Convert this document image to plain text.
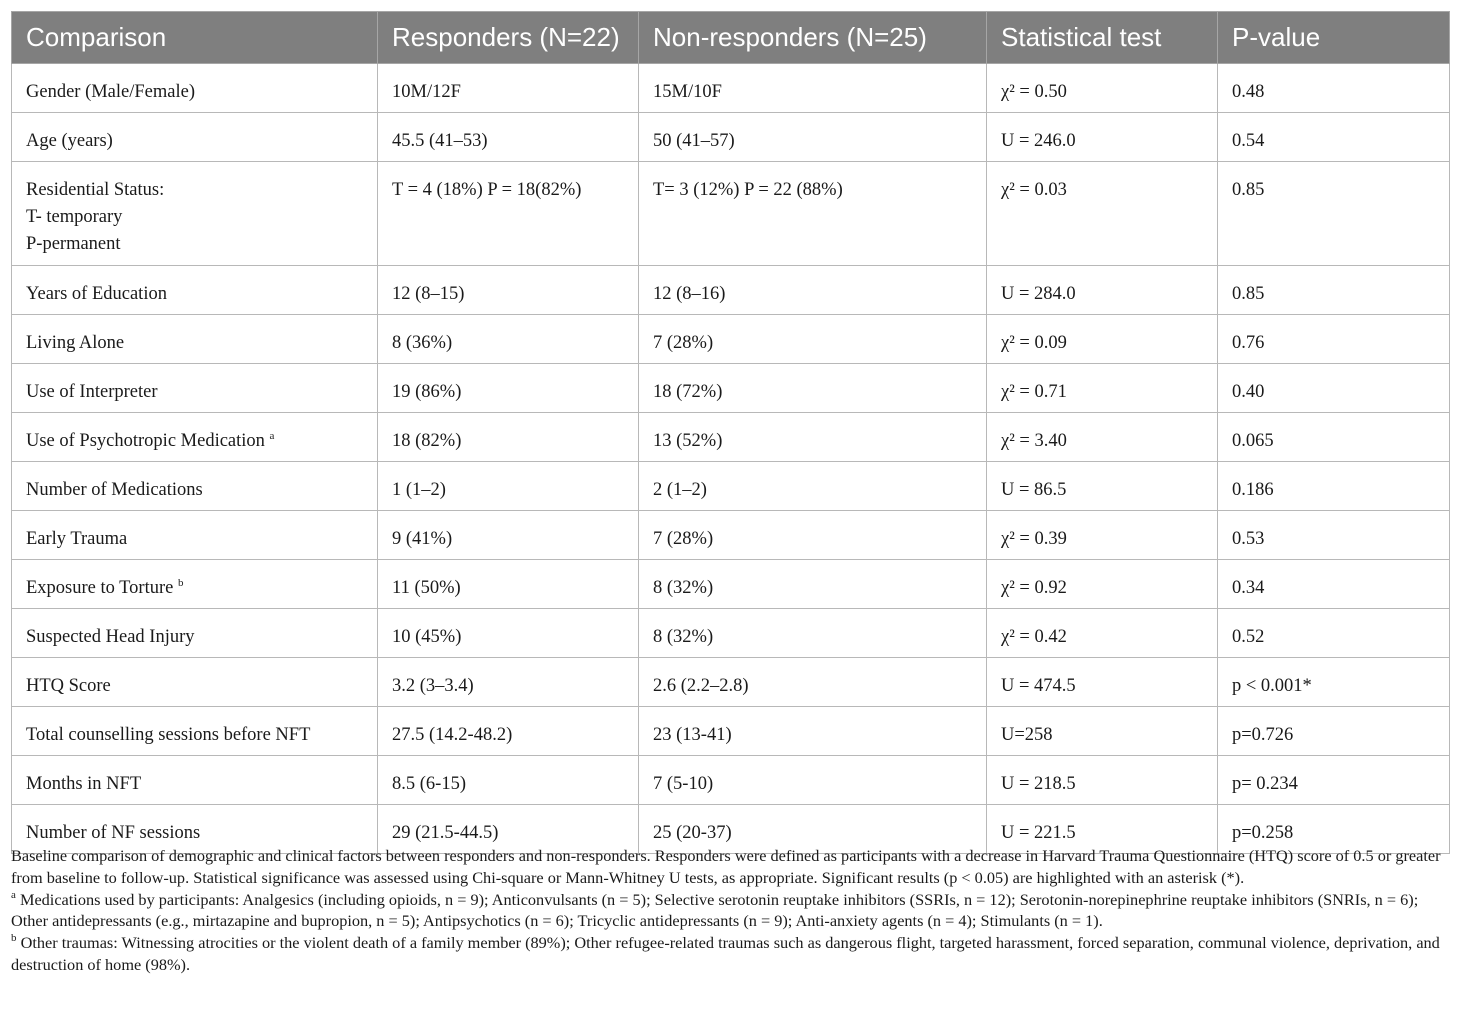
Comparison	Responders (N=22)	Non-responders (N=25)	Statistical test	P-value
Gender (Male/Female)	10M/12F	15M/10F	χ² = 0.50	0.48
Age (years)	45.5 (41–53)	50 (41–57)	U = 246.0	0.54

Residential Status:
T- temporary
P-permanent	T = 4 (18%) P = 18(82%)	T= 3 (12%) P = 22 (88%)	χ² = 0.03	0.85
Years of Education	12 (8–15)	12 (8–16)	U = 284.0	0.85
Living Alone	8 (36%)	7 (28%)	χ² = 0.09	0.76
Use of Interpreter	19 (86%)	18 (72%)	χ² = 0.71	0.40
Use of Psychotropic Medication $^a$	18 (82%)	13 (52%)	χ² = 3.40	0.065
Number of Medications	1 (1–2)	2 (1–2)	U = 86.5	0.186
Early Trauma	9 (41%)	7 (28%)	χ² = 0.39	0.53
Exposure to Torture $^b$	11 (50%)	8 (32%)	χ² = 0.92	0.34
Suspected Head Injury	10 (45%)	8 (32%)	χ² = 0.42	0.52
HTQ Score	3.2 (3–3.4)	2.6 (2.2–2.8)	U = 474.5	p < 0.001*
Total counselling sessions before NFT	27.5 (14.2-48.2)	23 (13-41)	U=258	p=0.726
Months in NFT	8.5 (6-15)	7 (5-10)	U = 218.5	p= 0.234
Number of NF sessions	29 (21.5-44.5)	25 (20-37)	U = 221.5	p=0.258

Baseline comparison of demographic and clinical factors between responders and non-responders. Responders were defined as participants with a decrease in Harvard Trauma Questionnaire (HTQ) score of 0.5 or greater from baseline to follow-up. Statistical significance was assessed using Chi-square or Mann-Whitney U tests, as appropriate. Significant results (p < 0.05) are highlighted with an asterisk (*).

$^a$ Medications used by participants: Analgesics (including opioids, n = 9); Anticonvulsants (n = 5); Selective serotonin reuptake inhibitors (SSRIs, n = 12); Serotonin-norepinephrine reuptake inhibitors (SNRIs, n = 6); Other antidepressants (e.g., mirtazapine and bupropion, n = 5); Antipsychotics (n = 6); Tricyclic antidepressants (n = 9); Anti-anxiety agents (n = 4); Stimulants (n = 1).

$^b$ Other traumas: Witnessing atrocities or the violent death of a family member (89%); Other refugee-related traumas such as dangerous flight, targeted harassment, forced separation, communal violence, deprivation, and destruction of home (98%).
